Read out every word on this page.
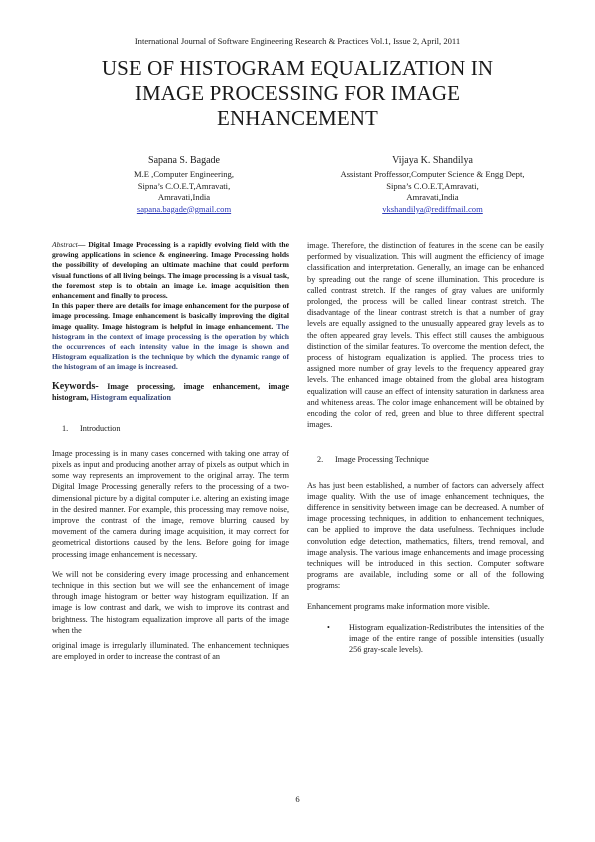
International Journal of Software Engineering Research & Practices Vol.1, Issue 2, April, 2011
USE OF HISTOGRAM EQUALIZATION IN
IMAGE PROCESSING FOR IMAGE
ENHANCEMENT
Sapana S. Bagade
M.E ,Computer Engineering,
Sipna’s C.O.E.T,Amravati,
Amravati,India
sapana.bagade@gmail.com
Vijaya K. Shandilya
Assistant Proffessor,Computer Science & Engg Dept,
Sipna’s C.O.E.T,Amravati,
Amravati,India
vkshandilya@rediffmail.com

Abstract— Digital Image Processing is a rapidly evolving field with the growing applications in science & engineering. Image Processing holds the possibility of developing an ultimate machine that could perform visual functions of all living beings. The image processing is a visual task, the foremost step is to obtain an image i.e. image acquisition then enhancement and finally to process.

In this paper there are details for image enhancement for the purpose of image processing. Image enhancement is basically improving the digital image quality. Image histogram is helpful in image enhancement. The histogram in the context of image processing is the operation by which the occurrences of each intensity value in the image is shown and Histogram equalization is the technique by which the dynamic range of the histogram of an image is increased.

Keywords- Image processing, image enhancement, image histogram, Histogram equalization

1. Introduction

Image processing is in many cases concerned with taking one array of pixels as input and producing another array of pixels as output which in some way represents an improvement to the original array. The term Digital Image Processing generally refers to the processing of a two-dimensional picture by a digital computer i.e. altering an existing image in the desired manner. For example, this processing may remove noise, improve the contrast of the image, remove blurring caused by movement of the camera during image acquisition, it may correct for geometrical distortions caused by the lens. Before going for image processing image enhancement is necessary.

We will not be considering every image processing and enhancement technique in this section but we will see the enhancement of image through image histogram or better way histogram equilization. If an image is low contrast and dark, we wish to improve its contrast and brightness. The histogram equalization improve all parts of the image when the

original image is irregularly illuminated. The enhancement techniques are employed in order to increase the contrast of an

image. Therefore, the distinction of features in the scene can be easily performed by visualization. This will augment the efficiency of image classification and interpretation. Generally, an image can be enhanced by spreading out the range of scene illumination. This procedure is called contrast stretch. If the ranges of gray values are uniformly prolonged, the process will be called linear contrast stretch. The disadvantage of the linear contrast stretch is that a number of gray levels are equally assigned to the unusually appeared gray levels as to the often appeared gray levels. This effect still causes the ambiguous distinction of the similar features. To overcome the mention defect, the process of histogram equalization is applied. The process tries to assigned more number of gray levels to the frequency appeared gray levels. The enhanced image obtained from the global area histogram equalization will cause an effect of intensity saturation in darkness area and whiteness areas. The color image enhancement will be obtained by encoding the color of red, green and blue to three different spectral images.

2. Image Processing Technique

As has just been established, a number of factors can adversely affect image quality. With the use of image enhancement techniques, the difference in sensitivity between image can be decreased. A number of image processing techniques, in addition to enhancement techniques, can be applied to improve the data usefulness. Techniques include convolution edge detection, mathematics, filters, trend removal, and image analysis. The various image enhancements and image processing techniques will be introduced in this section. Computer software programs are available, including some or all of the following programs:

Enhancement programs make information more visible.

• Histogram equalization-Redistributes the intensities of the image of the entire range of possible intensities (usually 256 gray-scale levels).
6
